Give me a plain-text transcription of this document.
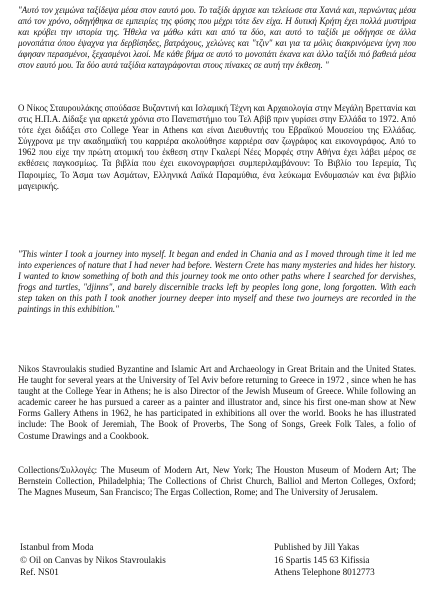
"Αυτό τον χειμώνα ταξίδεψα μέσα στον εαυτό μου. Το ταξίδι άρχισε και τελείωσε στα Χανιά και, περνώντας μέσα από τον χρόνο, οδηγήθηκα σε εμπειρίες της φύσης που μέχρι τότε δεν είχα. Η δυτική Κρήτη έχει πολλά μυστήρια και κρύβει την ιστορία της. Ήθελα να μάθω κάτι και από τα δύο, και αυτό το ταξίδι με οδήγησε σε άλλα μονοπάτια όπου έψαχνα για δερβίσηδες, βατράχους, χελώνες και "τζιν" και για τα μόλις διακρινόμενα ίχνη που άφησαν περασμένοι, ξεχασμένοι λαοί. Με κάθε βήμα σε αυτό το μονοπάτι έκανα και άλλο ταξίδι πιό βαθειά μέσα στον εαυτό μου. Τα δύο αυτά ταξίδια καταγράφονται στους πίνακες σε αυτή την έκθεση. "

Ο Νίκος Σταυρουλάκης σπούδασε Βυζαντινή και Ισλαμική Τέχνη και Αρχαιολογία στην Μεγάλη Βρεττανία και στις Η.Π.Α. Δίδαξε για αρκετά χρόνια στο Πανεπιστήμιο του Τελ Αβίβ πριν γυρίσει στην Ελλάδα το 1972. Από τότε έχει διδάξει στο College Year in Athens και είναι Διευθυντής του Εβραϊκού Μουσείου της Ελλάδας. Σύγχρονα με την ακαδημαϊκή του καρριέρα ακολούθησε καρριέρα σαν ζωγράφος και εικονογράφος. Από το 1962 που είχε την πρώτη ατομική του έκθεση στην Γκαλερί Νέες Μορφές στην Αθήνα έχει λάβει μέρος σε εκθέσεις παγκοσμίως. Τα βιβλία που έχει εικονογραφήσει συμπεριλαμβάνουν: Το Βιβλίο του Ιερεμία, Τις Παροιμίες, Το Άσμα των Ασμάτων, Ελληνικά Λαϊκά Παραμύθια, ένα λεύκωμα Ενδυμασιών και ένα βιβλίο μαγειρικής.

"This winter I took a journey into myself. It began and ended in Chania and as I moved through time it led me into experiences of nature that I had never had before. Western Crete has many mysteries and hides her history. I wanted to know something of both and this journey took me onto other paths where I searched for dervishes, frogs and turtles, "djinns", and barely discernible tracks left by peoples long gone, long forgotten. With each step taken on this path I took another journey deeper into myself and these two journeys are recorded in the paintings in this exhibition."

Nikos Stavroulakis studied Byzantine and Islamic Art and Archaeology in Great Britain and the United States. He taught for several years at the University of Tel Aviv before returning to Greece in 1972 , since when he has taught at the College Year in Athens; he is also Director of the Jewish Museum of Greece. While following an academic career he has pursued a career as a painter and illustrator and, since his first one-man show at New Forms Gallery Athens in 1962, he has participated in exhibitions all over the world. Books he has illustrated include: The Book of Jeremiah, The Book of Proverbs, The Song of Songs, Greek Folk Tales, a folio of Costume Drawings and a Cookbook.

Collections/Συλλογές: The Museum of Modern Art, New York; The Houston Museum of Modern Art; The Bernstein Collection, Philadelphia; The Collections of Christ Church, Balliol and Merton Colleges, Oxford; The Magnes Museum, San Francisco; The Ergas Collection, Rome; and The University of Jerusalem.

Istanbul from Moda
© Oil on Canvas by Nikos Stavroulakis
Ref. NS01
Published by Jill Yakas
16 Spartis 145 63 Kifissia
Athens Telephone 8012773
